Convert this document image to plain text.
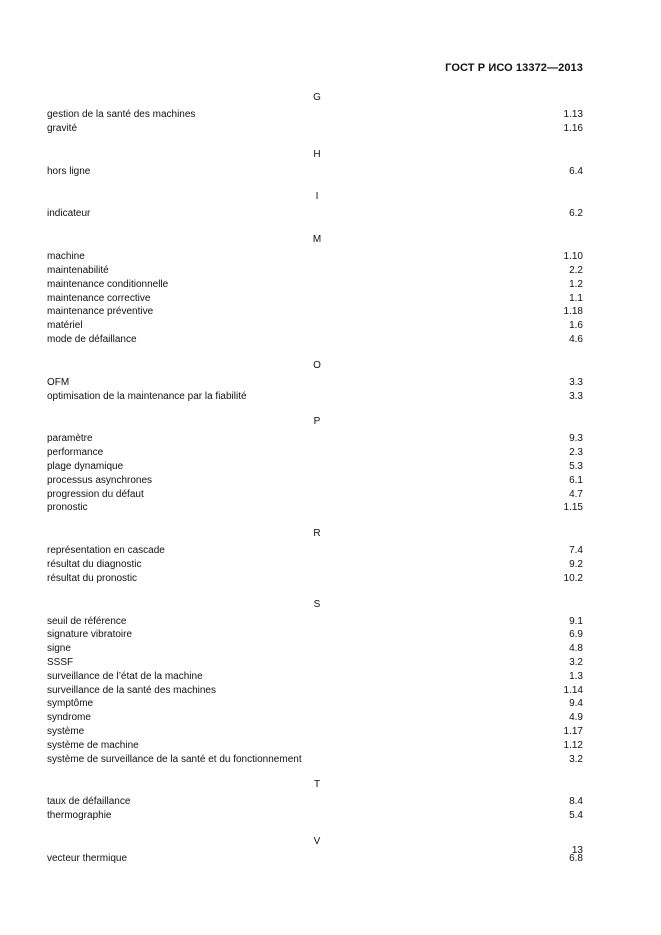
ГОСТ Р ИСО 13372—2013
G
gestion de la santé des machines	1.13
gravité	1.16
H
hors ligne	6.4
I
indicateur	6.2
M
machine	1.10
maintenabilité	2.2
maintenance conditionnelle	1.2
maintenance corrective	1.1
maintenance préventive	1.18
matériel	1.6
mode de défaillance	4.6
O
OFM	3.3
optimisation de la maintenance par la fiabilité	3.3
P
paramètre	9.3
performance	2.3
plage dynamique	5.3
processus asynchrones	6.1
progression du défaut	4.7
pronostic	1.15
R
représentation en cascade	7.4
résultat du diagnostic	9.2
résultat du pronostic	10.2
S
seuil de référence	9.1
signature vibratoire	6.9
signe	4.8
SSSF	3.2
surveillance de l’état de la machine	1.3
surveillance de la santé des machines	1.14
symptôme	9.4
syndrome	4.9
système	1.17
système de machine	1.12
système de surveillance de la santé et du fonctionnement	3.2
T
taux de défaillance	8.4
thermographie	5.4
V
vecteur thermique	6.8
13
